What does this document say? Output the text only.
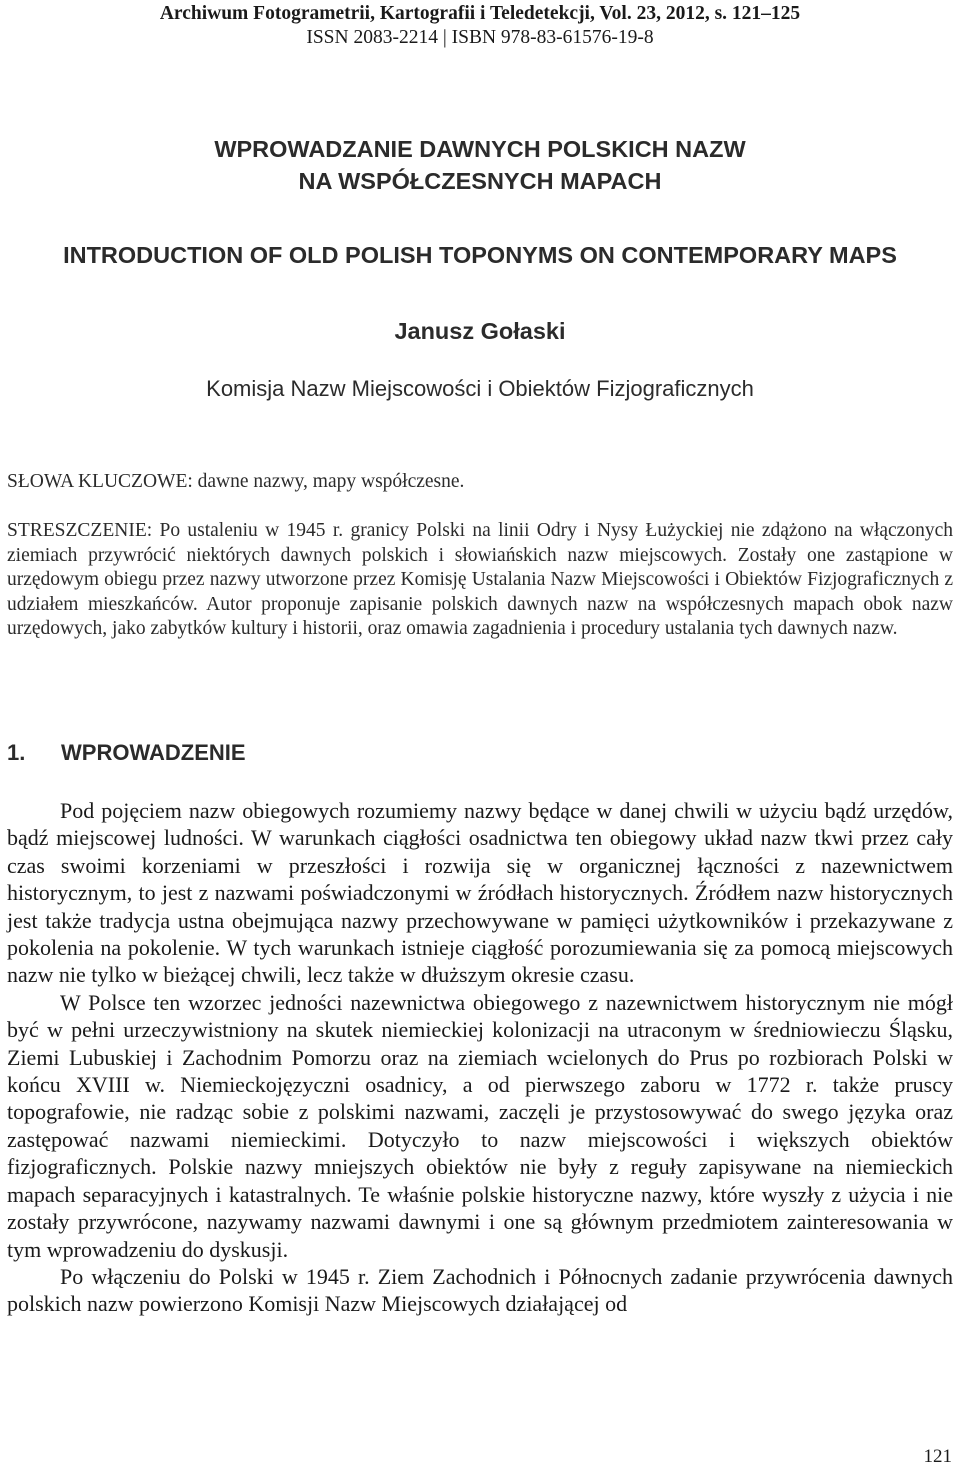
Archiwum Fotogrametrii, Kartografii i Teledetekcji, Vol. 23, 2012, s. 121–125
ISSN 2083-2214 | ISBN 978-83-61576-19-8
WPROWADZANIE DAWNYCH POLSKICH NAZW
NA WSPÓŁCZESNYCH MAPACH
INTRODUCTION OF OLD POLISH TOPONYMS ON CONTEMPORARY MAPS
Janusz Gołaski
Komisja Nazw Miejscowości i Obiektów Fizjograficznych
SŁOWA KLUCZOWE: dawne nazwy, mapy współczesne.
STRESZCZENIE: Po ustaleniu w 1945 r. granicy Polski na linii Odry i Nysy Łużyckiej nie zdążono na włączonych ziemiach przywrócić niektórych dawnych polskich i słowiańskich nazw miejscowych. Zostały one zastąpione w urzędowym obiegu przez nazwy utworzone przez Komisję Ustalania Nazw Miejscowości i Obiektów Fizjograficznych z udziałem mieszkańców. Autor proponuje zapisanie polskich dawnych nazw na współczesnych mapach obok nazw urzędowych, jako zabytków kultury i historii, oraz omawia zagadnienia i procedury ustalania tych dawnych nazw.
1. WPROWADZENIE

Pod pojęciem nazw obiegowych rozumiemy nazwy będące w danej chwili w użyciu bądź urzędów, bądź miejscowej ludności. W warunkach ciągłości osadnictwa ten obiegowy układ nazw tkwi przez cały czas swoimi korzeniami w przeszłości i rozwija się w organicznej łączności z nazewnictwem historycznym, to jest z nazwami poświadczonymi w źródłach historycznych. Źródłem nazw historycznych jest także tradycja ustna obejmująca nazwy przechowywane w pamięci użytkowników i przekazywane z pokolenia na pokolenie. W tych warunkach istnieje ciągłość porozumiewania się za pomocą miejscowych nazw nie tylko w bieżącej chwili, lecz także w dłuższym okresie czasu.

W Polsce ten wzorzec jedności nazewnictwa obiegowego z nazewnictwem historycznym nie mógł być w pełni urzeczywistniony na skutek niemieckiej kolonizacji na utraconym w średniowieczu Śląsku, Ziemi Lubuskiej i Zachodnim Pomorzu oraz na ziemiach wcielonych do Prus po rozbiorach Polski w końcu XVIII w. Niemieckojęzyczni osadnicy, a od pierwszego zaboru w 1772 r. także pruscy topografowie, nie radząc sobie z polskimi nazwami, zaczęli je przystosowywać do swego języka oraz zastępować nazwami niemieckimi. Dotyczyło to nazw miejscowości i większych obiektów fizjograficznych. Polskie nazwy mniejszych obiektów nie były z reguły zapisywane na niemieckich mapach separacyjnych i katastralnych. Te właśnie polskie historyczne nazwy, które wyszły z użycia i nie zostały przywrócone, nazywamy nazwami dawnymi i one są głównym przedmiotem zainteresowania w tym wprowadzeniu do dyskusji.

Po włączeniu do Polski w 1945 r. Ziem Zachodnich i Północnych zadanie przywrócenia dawnych polskich nazw powierzono Komisji Nazw Miejscowych działającej od

121
